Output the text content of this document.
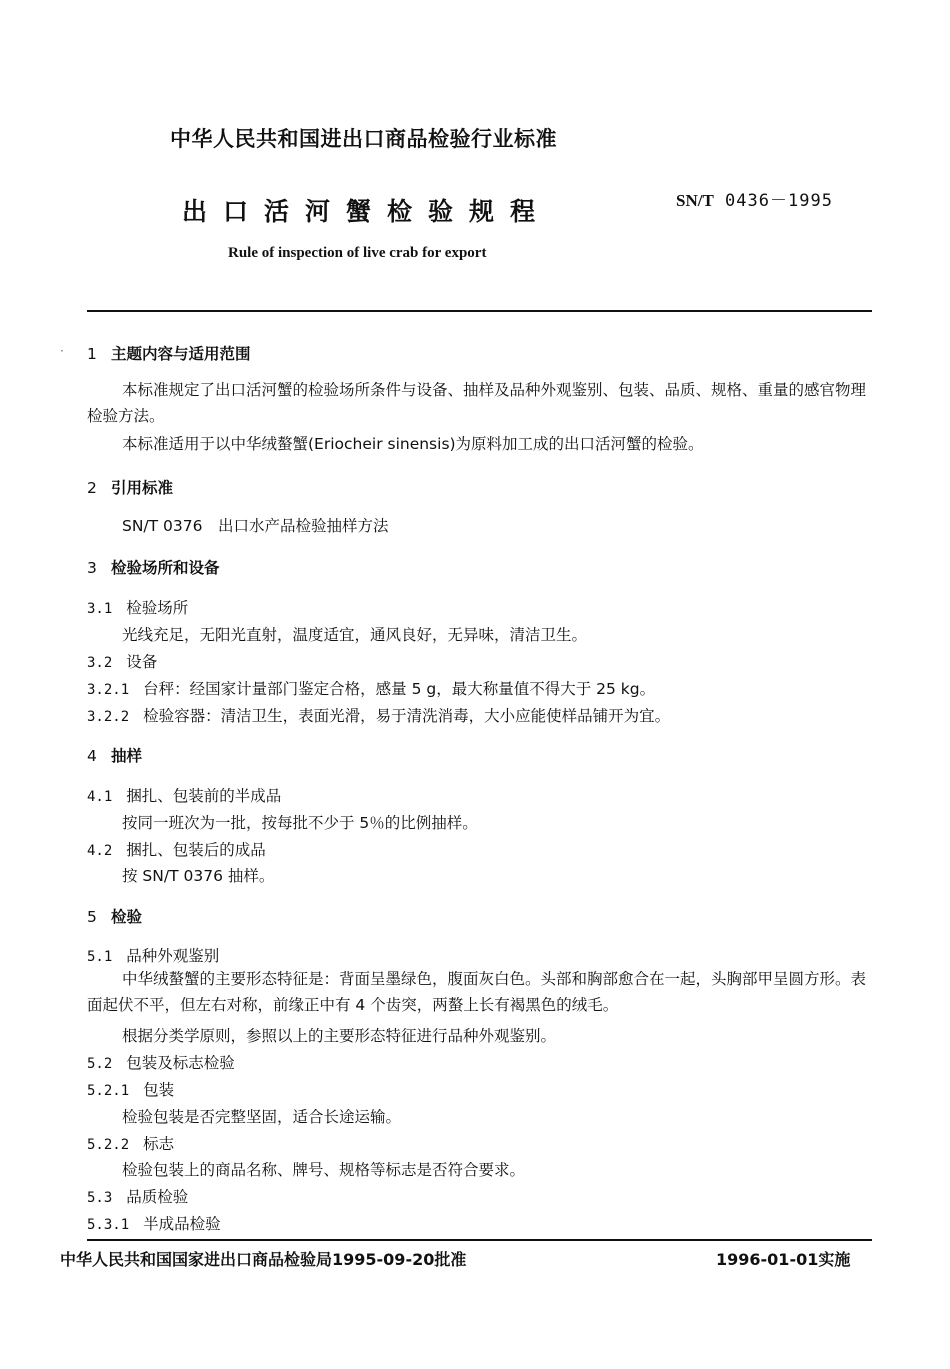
中华人民共和国进出口商品检验行业标准
出口活河蟹检验规程	SN/T 0436－1995
Rule of inspection of live crab for export
· 1 主题内容与适用范围
本标准规定了出口活河蟹的检验场所条件与设备、抽样及品种外观鉴别、包装、品质、规格、重量的感官物理检验方法。
本标准适用于以中华绒螯蟹(Eriocheir sinensis)为原料加工成的出口活河蟹的检验。
2 引用标准
SN/T 0376　出口水产品检验抽样方法
3 检验场所和设备
3.1 检验场所
光线充足，无阳光直射，温度适宜，通风良好，无异味，清洁卫生。
3.2 设备
3.2.1 台秤：经国家计量部门鉴定合格，感量 5 g，最大称量值不得大于 25 kg。
3.2.2 检验容器：清洁卫生，表面光滑，易于清洗消毒，大小应能使样品铺开为宜。
4 抽样
4.1 捆扎、包装前的半成品
按同一班次为一批，按每批不少于 5％的比例抽样。
4.2 捆扎、包装后的成品
按 SN/T 0376 抽样。
5 检验
5.1 品种外观鉴别
中华绒螯蟹的主要形态特征是：背面呈墨绿色，腹面灰白色。头部和胸部愈合在一起，头胸部甲呈圆方形。表面起伏不平，但左右对称，前缘正中有 4 个齿突，两螯上长有褐黑色的绒毛。
根据分类学原则，参照以上的主要形态特征进行品种外观鉴别。
5.2 包装及标志检验
5.2.1 包装
检验包装是否完整坚固，适合长途运输。
5.2.2 标志
检验包装上的商品名称、牌号、规格等标志是否符合要求。
5.3 品质检验
5.3.1 半成品检验
中华人民共和国国家进出口商品检验局1995-09-20批准	1996-01-01实施
